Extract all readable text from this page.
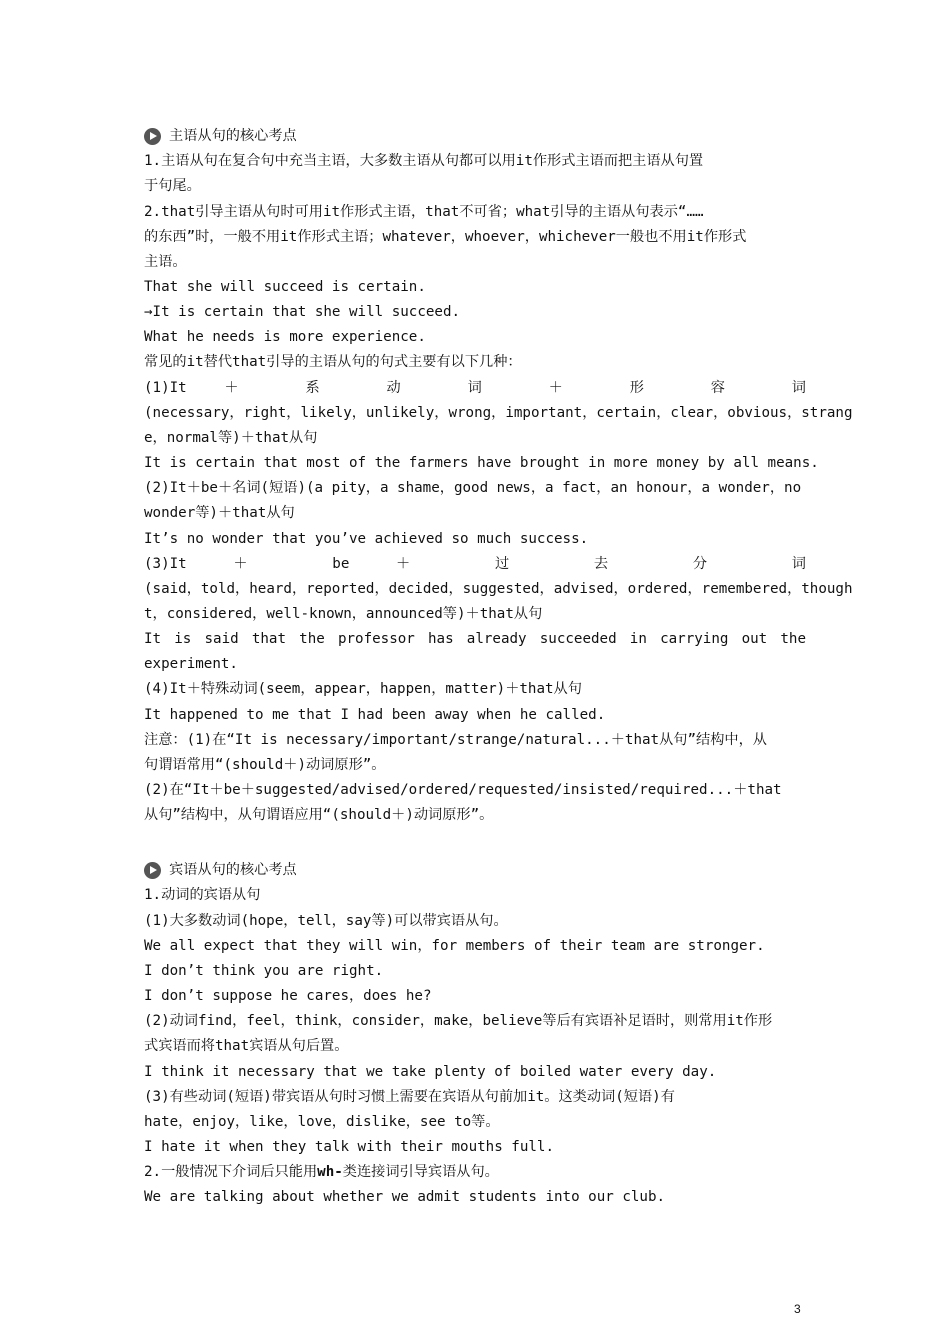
主语从句的核心考点
1.主语从句在复合句中充当主语，大多数主语从句都可以用it作形式主语而把主语从句置
于句尾。
2.that引导主语从句时可用it作形式主语，that不可省；what引导的主语从句表示“……
的东西”时，一般不用it作形式主语；whatever，whoever，whichever一般也不用it作形式
主语。
That she will succeed is certain.
→It is certain that she will succeed.
What he needs is more experience.
常见的it替代that引导的主语从句的句式主要有以下几种：
(1)It ＋ 系 动 词 ＋ 形 容 词
(necessary，right，likely，unlikely，wrong，important，certain，clear，obvious，strang
e，normal等)＋that从句
It is certain that most of the farmers have brought in more money by all means.
(2)It＋be＋名词(短语)(a pity，a shame，good news，a fact，an honour，a wonder，no
wonder等)＋that从句
It’s no wonder that you’ve achieved so much success.
(3)It ＋ be ＋ 过 去 分 词
(said，told，heard，reported，decided，suggested，advised，ordered，remembered，though
t，considered，well-known，announced等)＋that从句
It is said that the professor has already succeeded in carrying out the
experiment.
(4)It＋特殊动词(seem，appear，happen，matter)＋that从句
It happened to me that I had been away when he called.
注意：(1)在“It is necessary/important/strange/natural...＋that从句”结构中，从
句谓语常用“(should＋)动词原形”。
(2)在“It＋be＋suggested/advised/ordered/requested/insisted/required...＋that
从句”结构中，从句谓语应用“(should＋)动词原形”。
宾语从句的核心考点
1.动词的宾语从句
(1)大多数动词(hope，tell，say等)可以带宾语从句。
We all expect that they will win，for members of their team are stronger.
I don’t think you are right.
I don’t suppose he cares，does he?
(2)动词find，feel，think，consider，make，believe等后有宾语补足语时，则常用it作形
式宾语而将that宾语从句后置。
I think it necessary that we take plenty of boiled water every day.
(3)有些动词(短语)带宾语从句时习惯上需要在宾语从句前加it。这类动词(短语)有
hate，enjoy，like，love，dislike，see to等。
I hate it when they talk with their mouths full.
2.一般情况下介词后只能用wh-类连接词引导宾语从句。
We are talking about whether we admit students into our club.
3
